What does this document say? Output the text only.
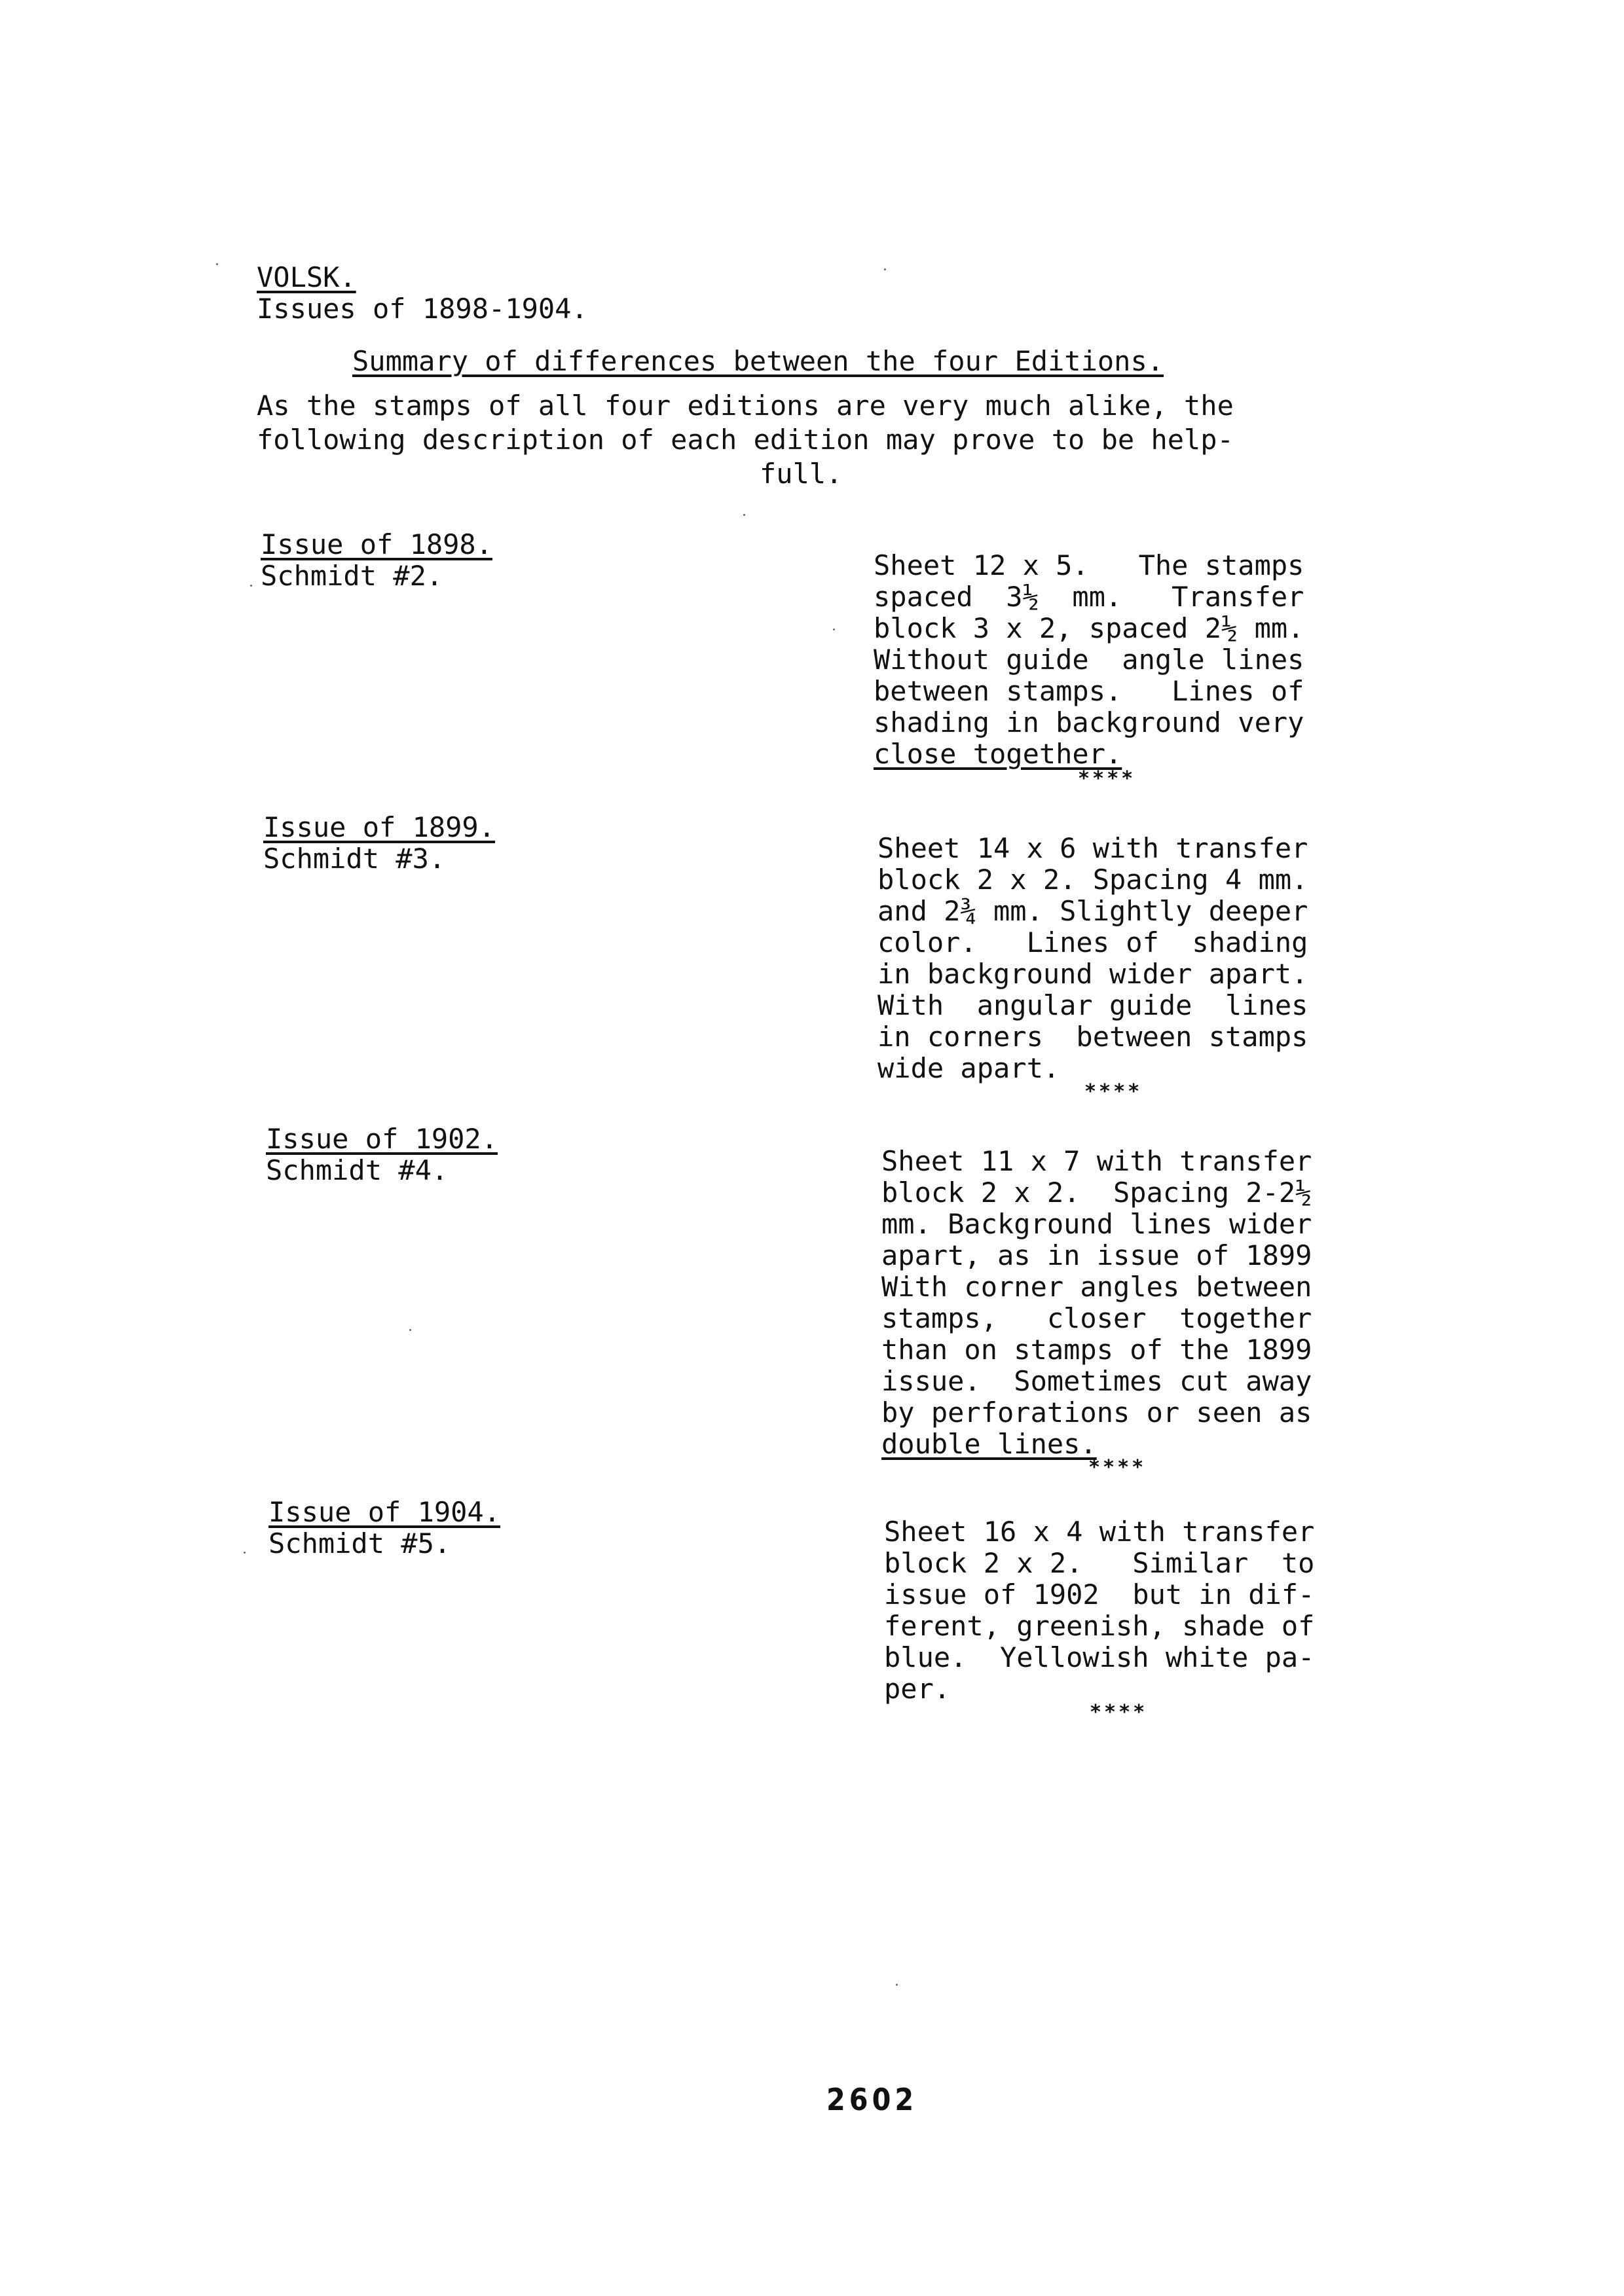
VOLSK.
Issues of 1898-1904.
Summary of differences between the four Editions.
As the stamps of all four editions are very much alike, the
following description of each edition may prove to be help-
full.
Issue of 1898.
Schmidt #2.	Sheet 12 x 5.   The stamps
spaced  3½  mm.   Transfer
block 3 x 2, spaced 2½ mm.
Without guide  angle lines
between stamps.   Lines of
shading in background very
close together.
****
Issue of 1899.
Schmidt #3.	Sheet 14 x 6 with transfer
block 2 x 2. Spacing 4 mm.
and 2¾ mm. Slightly deeper
color.   Lines of  shading
in background wider apart.
With  angular guide  lines
in corners  between stamps
wide apart.
****
Issue of 1902.
Schmidt #4.	Sheet 11 x 7 with transfer
block 2 x 2.  Spacing 2-2½
mm. Background lines wider
apart, as in issue of 1899
With corner angles between
stamps,   closer  together
than on stamps of the 1899
issue.  Sometimes cut away
by perforations or seen as
double lines.
****
Issue of 1904.
Schmidt #5.	Sheet 16 x 4 with transfer
block 2 x 2.   Similar  to
issue of 1902  but in dif-
ferent, greenish, shade of
blue.  Yellowish white pa-
per.
****
2602
